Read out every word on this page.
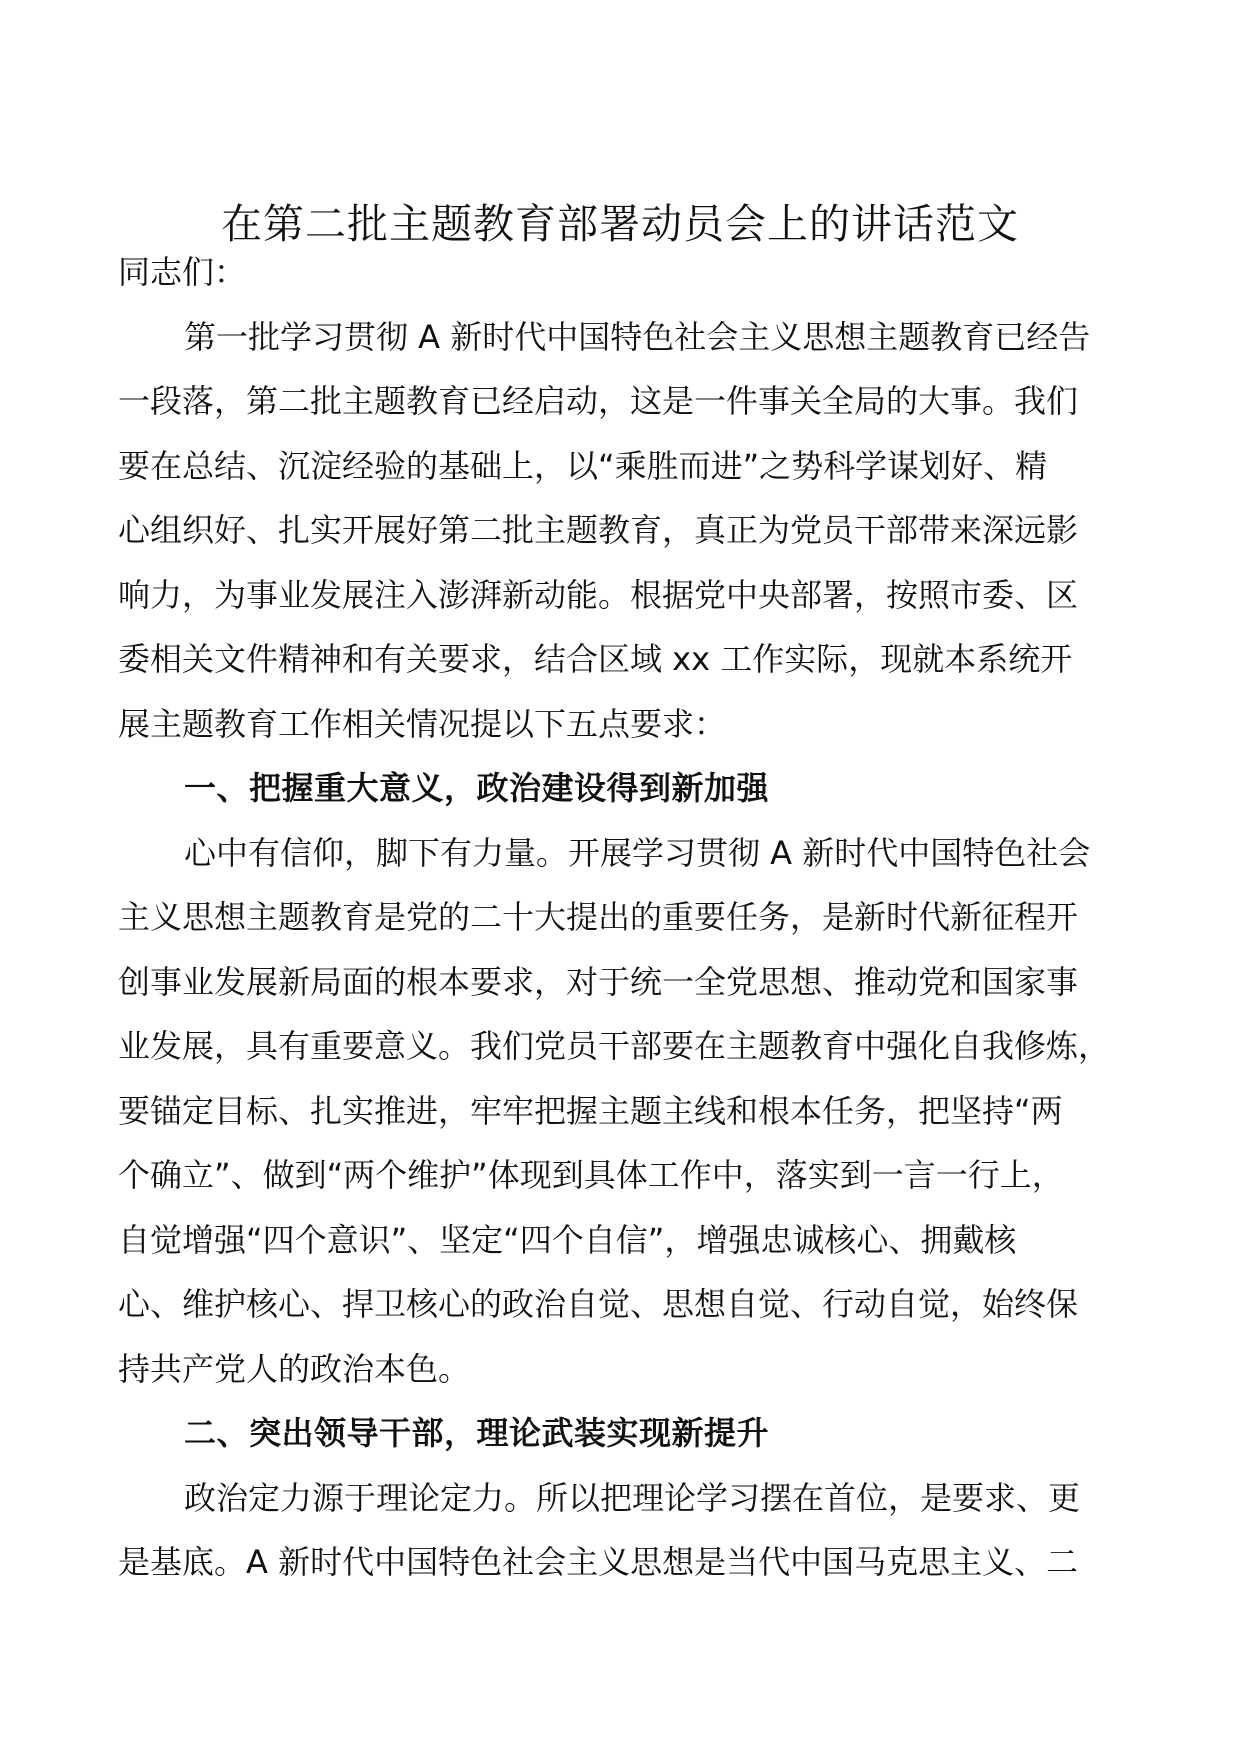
在第二批主题教育部署动员会上的讲话范文

同志们：

第一批学习贯彻 A 新时代中国特色社会主义思想主题教育已经告
一段落，第二批主题教育已经启动，这是一件事关全局的大事。我们
要在总结、沉淀经验的基础上，以“乘胜而进”之势科学谋划好、精
心组织好、扎实开展好第二批主题教育，真正为党员干部带来深远影
响力，为事业发展注入澎湃新动能。根据党中央部署，按照市委、区
委相关文件精神和有关要求，结合区域 xx 工作实际，现就本系统开
展主题教育工作相关情况提以下五点要求：

一、把握重大意义，政治建设得到新加强

心中有信仰，脚下有力量。开展学习贯彻 A 新时代中国特色社会
主义思想主题教育是党的二十大提出的重要任务，是新时代新征程开
创事业发展新局面的根本要求，对于统一全党思想、推动党和国家事
业发展，具有重要意义。我们党员干部要在主题教育中强化自我修炼，
要锚定目标、扎实推进，牢牢把握主题主线和根本任务，把坚持“两
个确立”、做到“两个维护”体现到具体工作中，落实到一言一行上，
自觉增强“四个意识”、坚定“四个自信”，增强忠诚核心、拥戴核
心、维护核心、捍卫核心的政治自觉、思想自觉、行动自觉，始终保
持共产党人的政治本色。

二、突出领导干部，理论武装实现新提升

政治定力源于理论定力。所以把理论学习摆在首位，是要求、更
是基底。A 新时代中国特色社会主义思想是当代中国马克思主义、二
